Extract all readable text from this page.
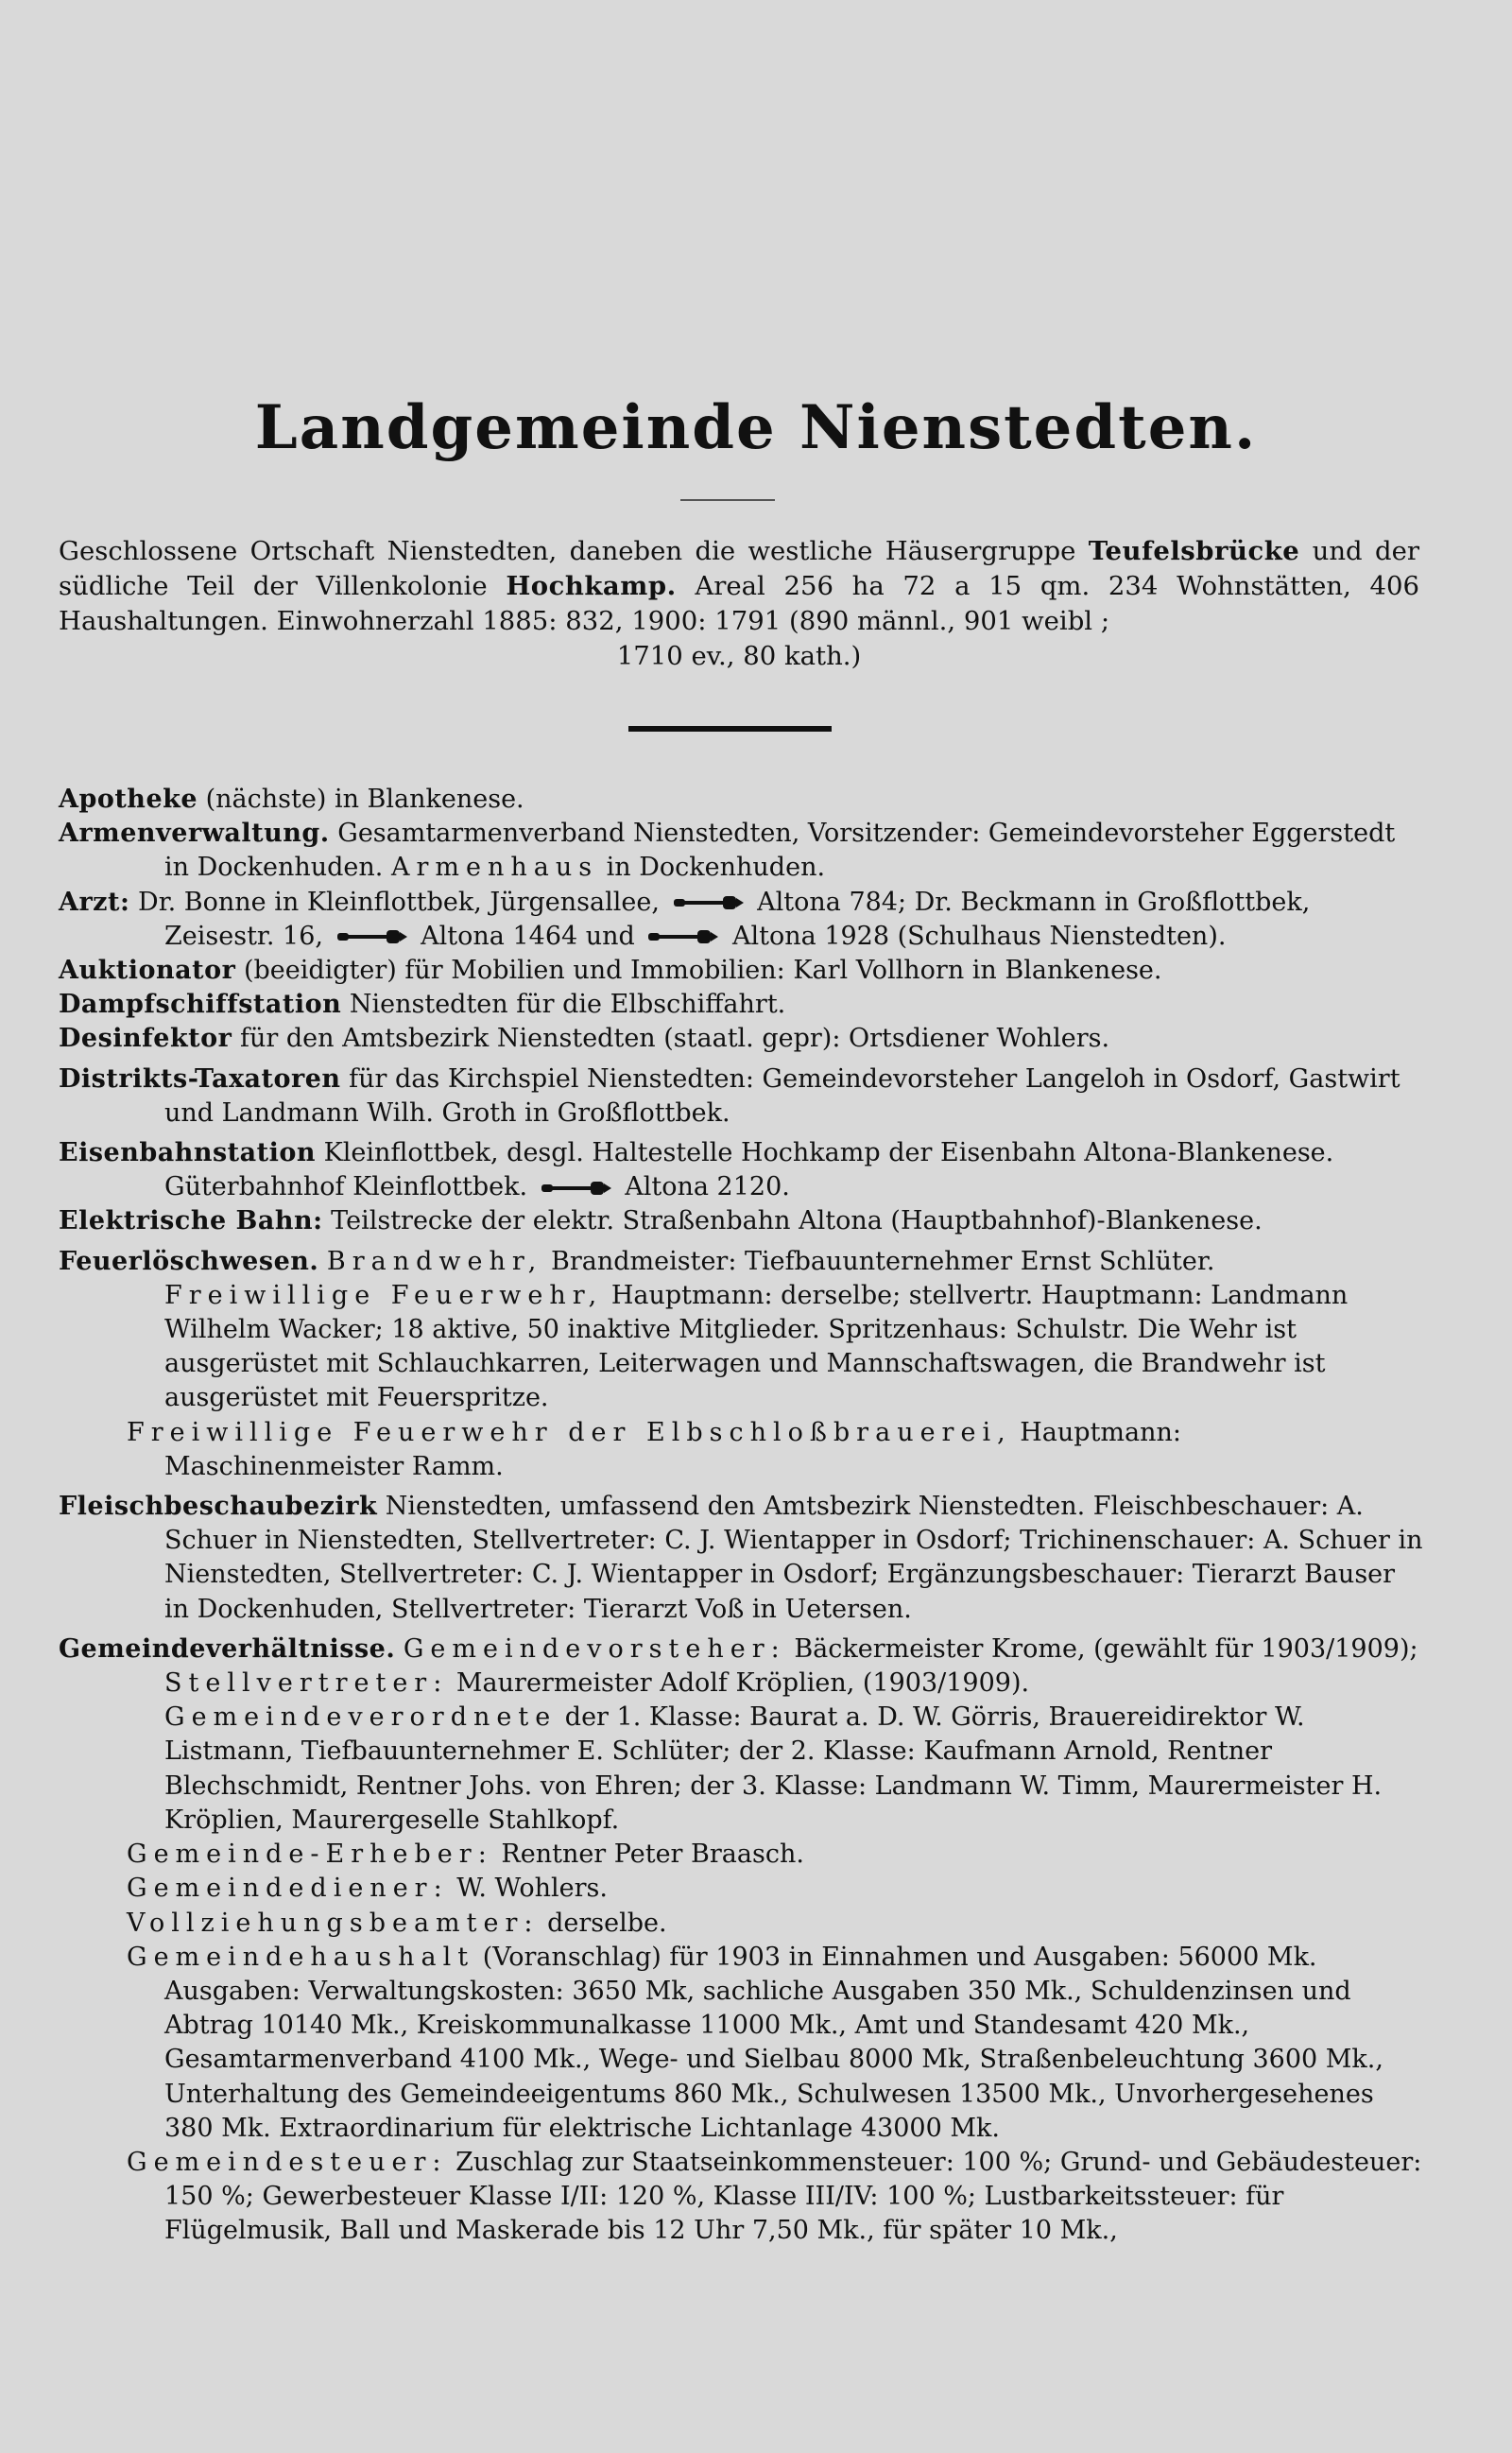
Landgemeinde Nienstedten.
Geschlossene Ortschaft Nienstedten, daneben die westliche Häusergruppe Teufelsbrücke und der südliche Teil der Villenkolonie Hochkamp. Areal 256 ha 72 a 15 qm. 234 Wohnstätten, 406 Haushaltungen. Einwohnerzahl 1885: 832, 1900: 1791 (890 männl., 901 weibl ;
1710 ev., 80 kath.)

Apotheke (nächste) in Blankenese.

Armenverwaltung. Gesamtarmenverband Nienstedten, Vorsitzender: Gemeindevorsteher Eggerstedt in Dockenhuden. Armenhaus in Dockenhuden.

Arzt: Dr. Bonne in Kleinflottbek, Jürgensallee,	Altona 784; Dr. Beckmann in Großflottbek, Zeisestr. 16,	Altona 1464 und	Altona 1928 (Schulhaus Nienstedten).

Auktionator (beeidigter) für Mobilien und Immobilien: Karl Vollhorn in Blankenese.

Dampfschiffstation Nienstedten für die Elbschiffahrt.

Desinfektor für den Amtsbezirk Nienstedten (staatl. gepr): Ortsdiener Wohlers.

Distrikts-Taxatoren für das Kirchspiel Nienstedten: Gemeindevorsteher Langeloh in Osdorf, Gastwirt und Landmann Wilh. Groth in Großflottbek.

Eisenbahnstation Kleinflottbek, desgl. Haltestelle Hochkamp der Eisenbahn Altona-Blankenese. Güterbahnhof Kleinflottbek.	Altona 2120.

Elektrische Bahn: Teilstrecke der elektr. Straßenbahn Altona (Hauptbahnhof)-Blankenese.

Feuerlöschwesen. Brandwehr, Brandmeister: Tiefbauunternehmer Ernst Schlüter. Freiwillige Feuerwehr, Hauptmann: derselbe; stellvertr. Hauptmann: Landmann Wilhelm Wacker; 18 aktive, 50 inaktive Mitglieder. Spritzenhaus: Schulstr. Die Wehr ist ausgerüstet mit Schlauchkarren, Leiterwagen und Mannschaftswagen, die Brandwehr ist ausgerüstet mit Feuerspritze.

Freiwillige Feuerwehr der Elbschloßbrauerei, Hauptmann: Maschinenmeister Ramm.

Fleischbeschaubezirk Nienstedten, umfassend den Amtsbezirk Nienstedten. Fleischbeschauer: A. Schuer in Nienstedten, Stellvertreter: C. J. Wientapper in Osdorf; Trichinenschauer: A. Schuer in Nienstedten, Stellvertreter: C. J. Wientapper in Osdorf; Ergänzungsbeschauer: Tierarzt Bauser in Dockenhuden, Stellvertreter: Tierarzt Voß in Uetersen.

Gemeindeverhältnisse. Gemeindevorsteher: Bäckermeister Krome, (gewählt für 1903/1909); Stellvertreter: Maurermeister Adolf Kröplien, (1903/1909). Gemeindeverordnete der 1. Klasse: Baurat a. D. W. Görris, Brauereidirektor W. Listmann, Tiefbauunternehmer E. Schlüter; der 2. Klasse: Kaufmann Arnold, Rentner Blechschmidt, Rentner Johs. von Ehren; der 3. Klasse: Landmann W. Timm, Maurermeister H. Kröplien, Maurergeselle Stahlkopf.

Gemeinde-Erheber: Rentner Peter Braasch.

Gemeindediener: W. Wohlers.

Vollziehungsbeamter: derselbe.

Gemeindehaushalt (Voranschlag) für 1903 in Einnahmen und Ausgaben: 56000 Mk. Ausgaben: Verwaltungskosten: 3650 Mk, sachliche Ausgaben 350 Mk., Schuldenzinsen und Abtrag 10140 Mk., Kreiskommunalkasse 11000 Mk., Amt und Standesamt 420 Mk., Gesamtarmenverband 4100 Mk., Wege- und Sielbau 8000 Mk, Straßenbeleuchtung 3600 Mk., Unterhaltung des Gemeindeeigentums 860 Mk., Schulwesen 13500 Mk., Unvorhergesehenes 380 Mk. Extraordinarium für elektrische Lichtanlage 43000 Mk.

Gemeindesteuer: Zuschlag zur Staatseinkommensteuer: 100 %; Grund- und Gebäudesteuer: 150 %; Gewerbesteuer Klasse I/II: 120 %, Klasse III/IV: 100 %; Lustbarkeitssteuer: für Flügelmusik, Ball und Maskerade bis 12 Uhr 7,50 Mk., für später 10 Mk.,
